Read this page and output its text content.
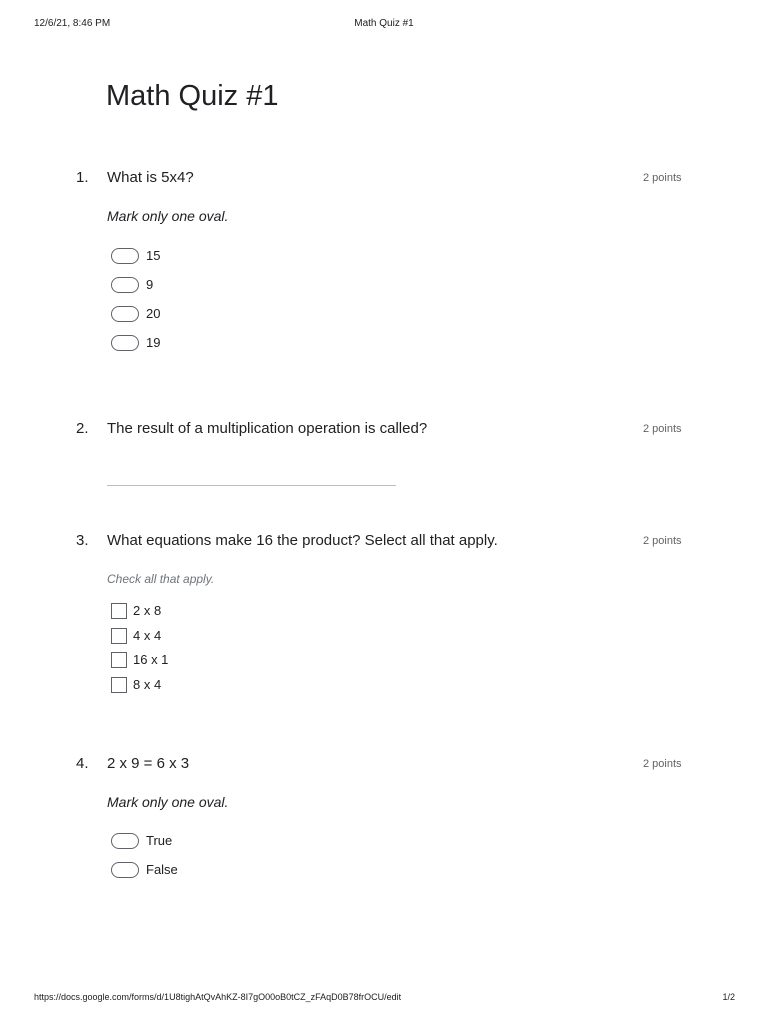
12/6/21, 8:46 PM	Math Quiz #1
Math Quiz #1
1. What is 5x4?	2 points
Mark only one oval.
15
9
20
19
2. The result of a multiplication operation is called?	2 points
3. What equations make 16 the product? Select all that apply.	2 points
Check all that apply.
2 x 8
4 x 4
16 x 1
8 x 4
4. 2 x 9 = 6 x 3	2 points
Mark only one oval.
True
False
https://docs.google.com/forms/d/1U8tighAtQvAhKZ-8I7gO00oB0tCZ_zFAqD0B78frOCU/edit	1/2
